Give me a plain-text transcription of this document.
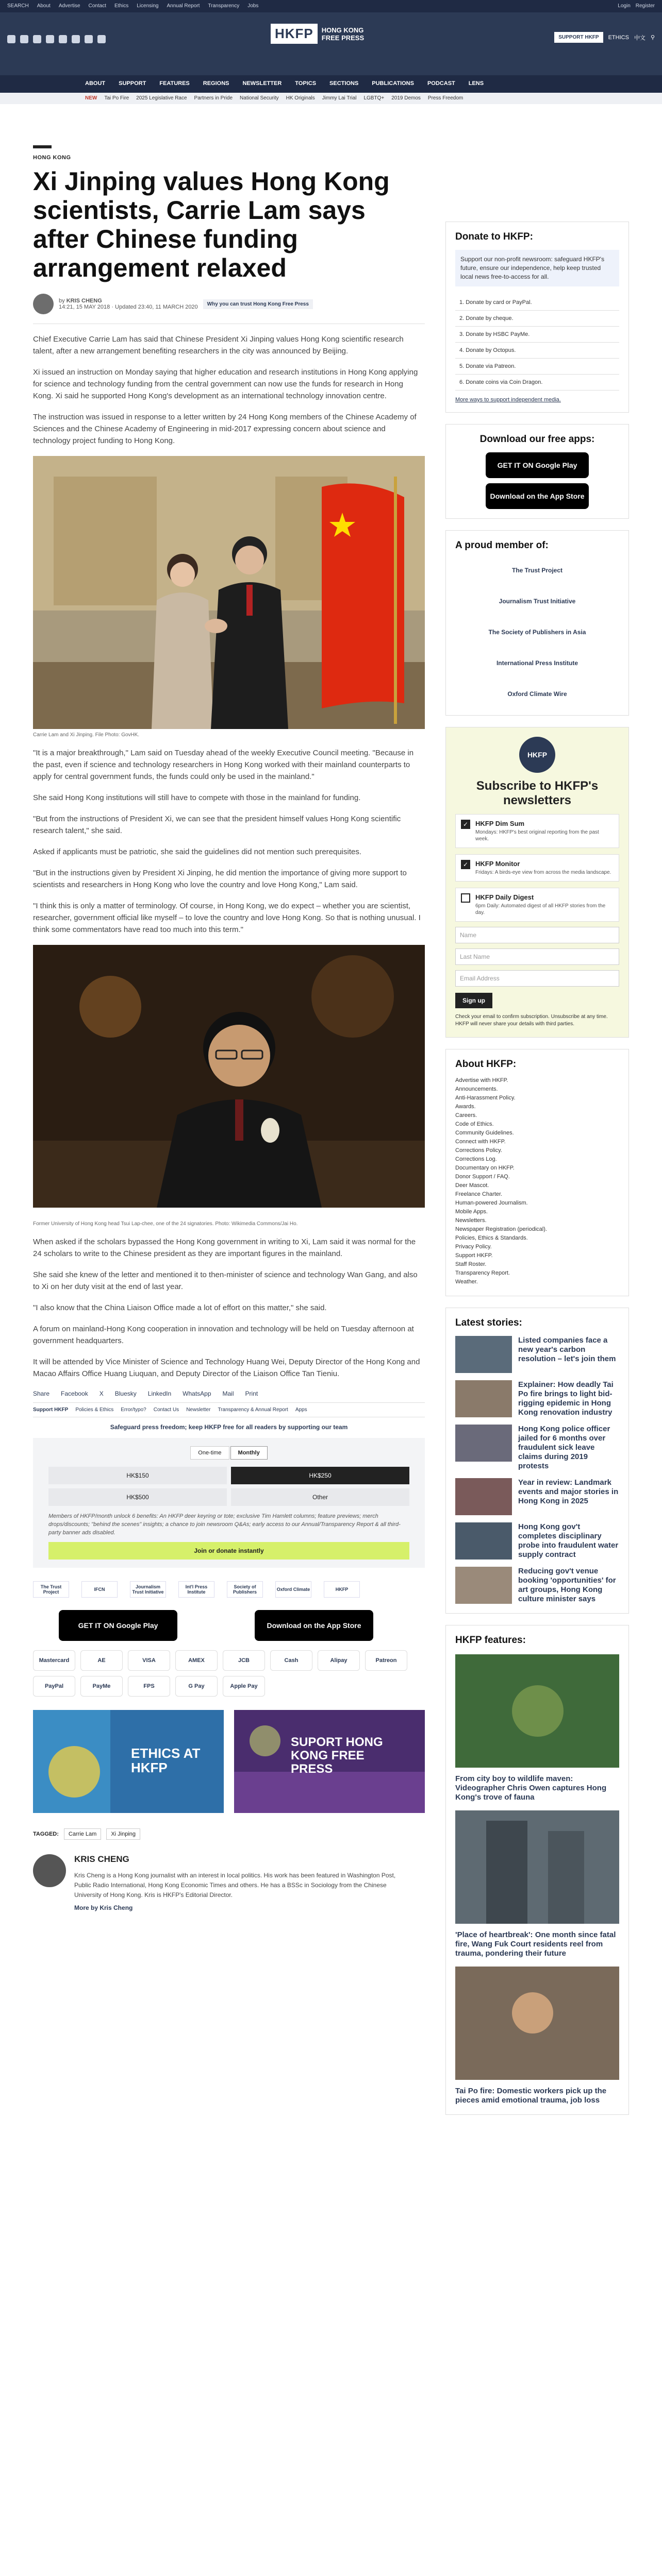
SEARCH About Advertise Contact Ethics Licensing Annual Report Transparency Jobs	Login Register
HKFP	HONG KONG
FREE PRESS	SUPPORT HKFP	ETHICS 中文 ⚲
ABOUT SUPPORT FEATURES REGIONS NEWSLETTER TOPICS SECTIONS PUBLICATIONS PODCAST LENS
NEW Tai Po Fire 2025 Legislative Race Partners in Pride National Security HK Originals Jimmy Lai Trial LGBTQ+ 2019 Demos Press Freedom
HONG KONG
Xi Jinping values Hong Kong scientists, Carrie Lam says after Chinese funding arrangement relaxed
by KRIS CHENG
14:21, 15 MAY 2018 · Updated 23:40, 11 MARCH 2020	Why you can trust Hong Kong Free Press

Chief Executive Carrie Lam has said that Chinese President Xi Jinping values Hong Kong scientific research talent, after a new arrangement benefiting researchers in the city was announced by Beijing.

Xi issued an instruction on Monday saying that higher education and research institutions in Hong Kong applying for science and technology funding from the central government can now use the funds for research in Hong Kong. Xi said he supported Hong Kong's development as an international technology innovation centre.

The instruction was issued in response to a letter written by 24 Hong Kong members of the Chinese Academy of Sciences and the Chinese Academy of Engineering in mid-2017 expressing concern about science and technology project funding to Hong Kong.

Carrie Lam and Xi Jinping. File Photo: GovHK.

"It is a major breakthrough," Lam said on Tuesday ahead of the weekly Executive Council meeting. "Because in the past, even if science and technology researchers in Hong Kong worked with their mainland counterparts to apply for central government funds, the funds could only be used in the mainland."

She said Hong Kong institutions will still have to compete with those in the mainland for funding.

"But from the instructions of President Xi, we can see that the president himself values Hong Kong scientific research talent," she said.

Asked if applicants must be patriotic, she said the guidelines did not mention such prerequisites.

"But in the instructions given by President Xi Jinping, he did mention the importance of giving more support to scientists and researchers in Hong Kong who love the country and love Hong Kong," Lam said.

"I think this is only a matter of terminology. Of course, in Hong Kong, we do expect – whether you are scientist, researcher, government official like myself – to love the country and love Hong Kong. So that is nothing unusual. I think some commentators have read too much into this term."

Former University of Hong Kong head Tsui Lap-chee, one of the 24 signatories. Photo: Wikimedia Commons/Jai Ho.

When asked if the scholars bypassed the Hong Kong government in writing to Xi, Lam said it was normal for the 24 scholars to write to the Chinese president as they are important figures in the mainland.

She said she knew of the letter and mentioned it to then-minister of science and technology Wan Gang, and also to Xi on her duty visit at the end of last year.

"I also know that the China Liaison Office made a lot of effort on this matter," she said.

A forum on mainland-Hong Kong cooperation in innovation and technology will be held on Tuesday afternoon at government headquarters.

It will be attended by Vice Minister of Science and Technology Huang Wei, Deputy Director of the Hong Kong and Macao Affairs Office Huang Liuquan, and Deputy Director of the Liaison Office Tan Tieniu.

Share Facebook X Bluesky LinkedIn WhatsApp Mail Print
Support HKFP Policies & Ethics Error/typo? Contact Us Newsletter Transparency & Annual Report Apps
Safeguard press freedom; keep HKFP free for all readers by supporting our team
One-time	Monthly
HK$150	HK$250
HK$500	Other

Members of HKFP/month unlock 6 benefits: An HKFP deer keyring or tote; exclusive Tim Hamlett columns; feature previews; merch drops/discounts; "behind the scenes" insights; a chance to join newsroom Q&As; early access to our Annual/Transparency Report & all third-party banner ads disabled.

Join or donate instantly
The Trust Project	IFCN	Journalism Trust Initiative
Int'l Press Institute
Society of Publishers	Oxford Climate	HKFP
GET IT ON Google Play	Download on the App Store
Mastercard	AE	VISA	AMEX	JCB	Cash	Alipay	Patreon
PayPal	PayMe	FPS	G Pay	Apple Pay
ETHICS AT HKFP
SUPORT HONG KONG FREE PRESS
TAGGED:	Carrie Lam	Xi Jinping
KRIS CHENG

Kris Cheng is a Hong Kong journalist with an interest in local politics. His work has been featured in Washington Post, Public Radio International, Hong Kong Economic Times and others. He has a BSSc in Sociology from the Chinese University of Hong Kong. Kris is HKFP's Editorial Director.

More by Kris Cheng
Donate to HKFP:
Support our non-profit newsroom: safeguard HKFP's future, ensure our independence, help keep trusted local news free-to-access for all.
1. Donate by card or PayPal.
2. Donate by cheque.
3. Donate by HSBC PayMe.
4. Donate by Octopus.
5. Donate via Patreon.
6. Donate coins via Coin Dragon.
More ways to support independent media.
Download our free apps:
GET IT ON Google Play
Download on the App Store
A proud member of:
The Trust Project
Journalism Trust Initiative
The Society of Publishers in Asia
International Press Institute
Oxford Climate Wire
HKFP
Subscribe to HKFP's newsletters
✓	HKFP Dim Sum

Mondays: HKFP's best original reporting from the past week.

✓	HKFP Monitor

Fridays: A birds-eye view from across the media landscape.

HKFP Daily Digest

6pm Daily: Automated digest of all HKFP stories from the day.

Name
Last Name
Email Address
Sign up

Check your email to confirm subscription. Unsubscribe at any time. HKFP will never share your details with third parties.

About HKFP:
Advertise with HKFP.
Announcements.
Anti-Harassment Policy.
Awards.
Careers.
Code of Ethics.
Community Guidelines.
Connect with HKFP.
Corrections Policy.
Corrections Log.
Documentary on HKFP.
Donor Support / FAQ.
Deer Mascot.
Freelance Charter.
Human-powered Journalism.
Mobile Apps.
Newsletters.
Newspaper Registration (periodical).
Policies, Ethics & Standards.
Privacy Policy.
Support HKFP.
Staff Roster.
Transparency Report.
Weather.
Latest stories:

Listed companies face a new year's carbon resolution – let's join them

Explainer: How deadly Tai Po fire brings to light bid-rigging epidemic in Hong Kong renovation industry

Hong Kong police officer jailed for 6 months over fraudulent sick leave claims during 2019 protests

Year in review: Landmark events and major stories in Hong Kong in 2025

Hong Kong gov't completes disciplinary probe into fraudulent water supply contract

Reducing gov't venue booking 'opportunities' for art groups, Hong Kong culture minister says

HKFP features:

From city boy to wildlife maven: Videographer Chris Owen captures Hong Kong's trove of fauna

'Place of heartbreak': One month since fatal fire, Wang Fuk Court residents reel from trauma, pondering their future

Tai Po fire: Domestic workers pick up the pieces amid emotional trauma, job loss
